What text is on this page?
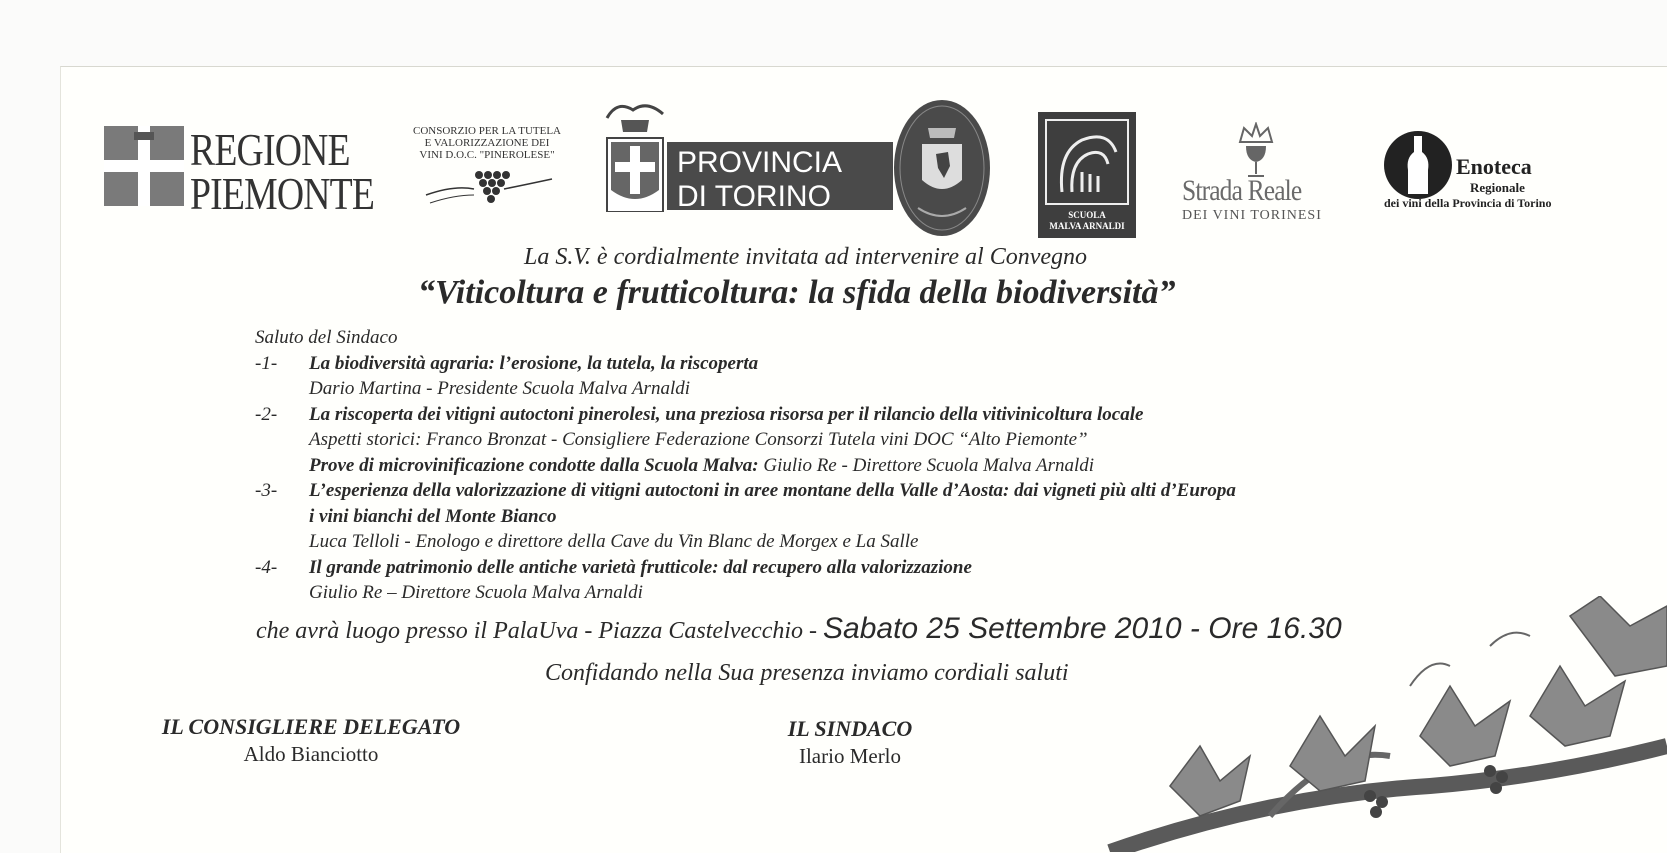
REGIONE
PIEMONTE
CONSORZIO PER LA TUTELA
E VALORIZZAZIONE DEI
VINI D.O.C. "PINEROLESE"	PROVINCIA
DI TORINO
SCUOLA
MALVA ARNALDI
Strada Reale
DEI VINI TORINESI
Enoteca
Regionale
dei vini della Provincia di Torino
La S.V. è cordialmente invitata ad intervenire al Convegno
“Viticoltura e frutticoltura: la sfida della biodiversità”
Saluto del Sindaco
-1-	La biodiversità agraria: l’erosione, la tutela, la riscoperta
Dario Martina - Presidente Scuola Malva Arnaldi
-2-	La riscoperta dei vitigni autoctoni pinerolesi, una preziosa risorsa per il rilancio della vitivinicoltura locale
Aspetti storici: Franco Bronzat - Consigliere Federazione Consorzi Tutela vini DOC “Alto Piemonte”
Prove di microvinificazione condotte dalla Scuola Malva: Giulio Re - Direttore Scuola Malva Arnaldi
-3-	L’esperienza della valorizzazione di vitigni autoctoni in aree montane della Valle d’Aosta: dai vigneti più alti d’Europa
i vini bianchi del Monte Bianco
Luca Telloli - Enologo e direttore della Cave du Vin Blanc de Morgex e La Salle
-4-	Il grande patrimonio delle antiche varietà frutticole: dal recupero alla valorizzazione
Giulio Re – Direttore Scuola Malva Arnaldi
che avrà luogo presso il PalaUva - Piazza Castelvecchio - Sabato 25 Settembre 2010 - Ore 16.30
Confidando nella Sua presenza inviamo cordiali saluti
IL CONSIGLIERE DELEGATO
Aldo Bianciotto
IL SINDACO
Ilario Merlo
